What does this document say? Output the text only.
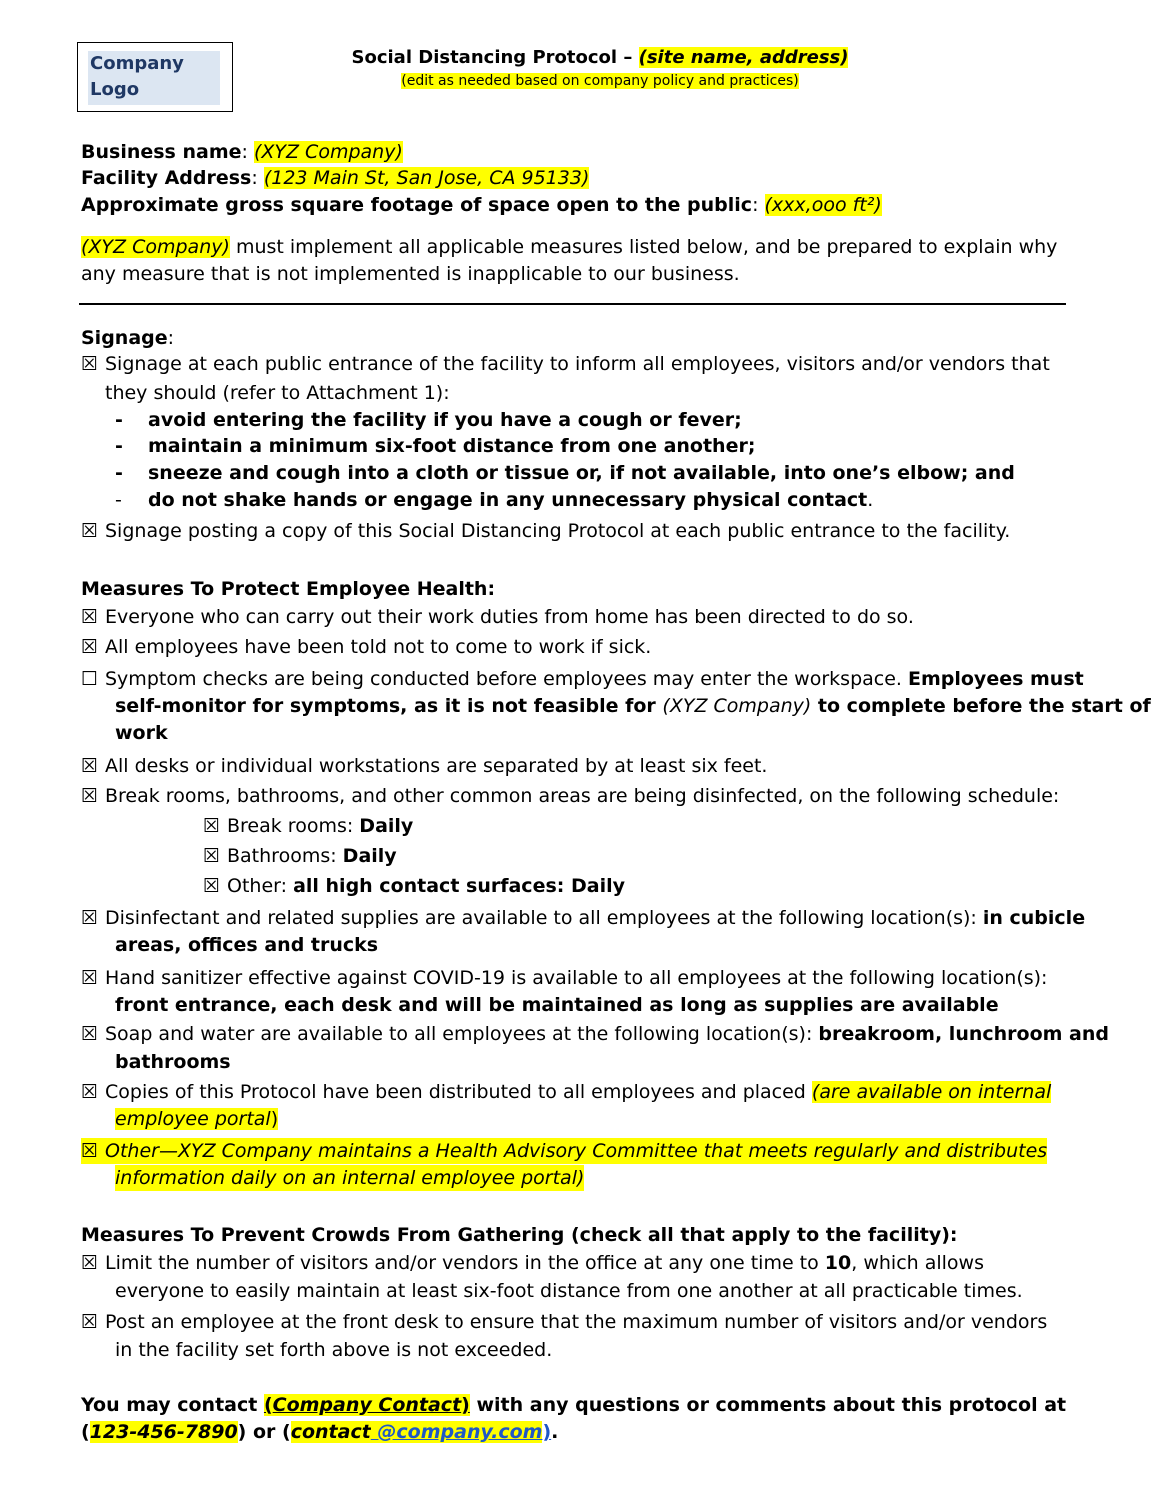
Company
Logo
Social Distancing Protocol – (site name, address)
(edit as needed based on company policy and practices)
Business name: (XYZ Company)
Facility Address: (123 Main St, San Jose, CA 95133)
Approximate gross square footage of space open to the public: (xxx,ooo ft²)
(XYZ Company) must implement all applicable measures listed below, and be prepared to explain why
any measure that is not implemented is inapplicable to our business.
Signage:
☒ Signage at each public entrance of the facility to inform all employees, visitors and/or vendors that
they should (refer to Attachment 1):
- avoid entering the facility if you have a cough or fever;
- maintain a minimum six-foot distance from one another;
- sneeze and cough into a cloth or tissue or, if not available, into one’s elbow; and
- do not shake hands or engage in any unnecessary physical contact.
☒ Signage posting a copy of this Social Distancing Protocol at each public entrance to the facility.
Measures To Protect Employee Health:
☒ Everyone who can carry out their work duties from home has been directed to do so.
☒ All employees have been told not to come to work if sick.
☐ Symptom checks are being conducted before employees may enter the workspace. Employees must
self-monitor for symptoms, as it is not feasible for (XYZ Company) to complete before the start of
work
☒ All desks or individual workstations are separated by at least six feet.
☒ Break rooms, bathrooms, and other common areas are being disinfected, on the following schedule:
☒ Break rooms: Daily
☒ Bathrooms: Daily
☒ Other: all high contact surfaces: Daily
☒ Disinfectant and related supplies are available to all employees at the following location(s): in cubicle
areas, offices and trucks
☒ Hand sanitizer effective against COVID-19 is available to all employees at the following location(s):
front entrance, each desk and will be maintained as long as supplies are available
☒ Soap and water are available to all employees at the following location(s): breakroom, lunchroom and
bathrooms
☒ Copies of this Protocol have been distributed to all employees and placed (are available on internal
employee portal)
☒ Other—XYZ Company maintains a Health Advisory Committee that meets regularly and distributes
information daily on an internal employee portal)
Measures To Prevent Crowds From Gathering (check all that apply to the facility):
☒ Limit the number of visitors and/or vendors in the office at any one time to 10, which allows
everyone to easily maintain at least six-foot distance from one another at all practicable times.
☒ Post an employee at the front desk to ensure that the maximum number of visitors and/or vendors
in the facility set forth above is not exceeded.
You may contact (Company Contact) with any questions or comments about this protocol at
(123-456-7890) or (contact @company.com).
